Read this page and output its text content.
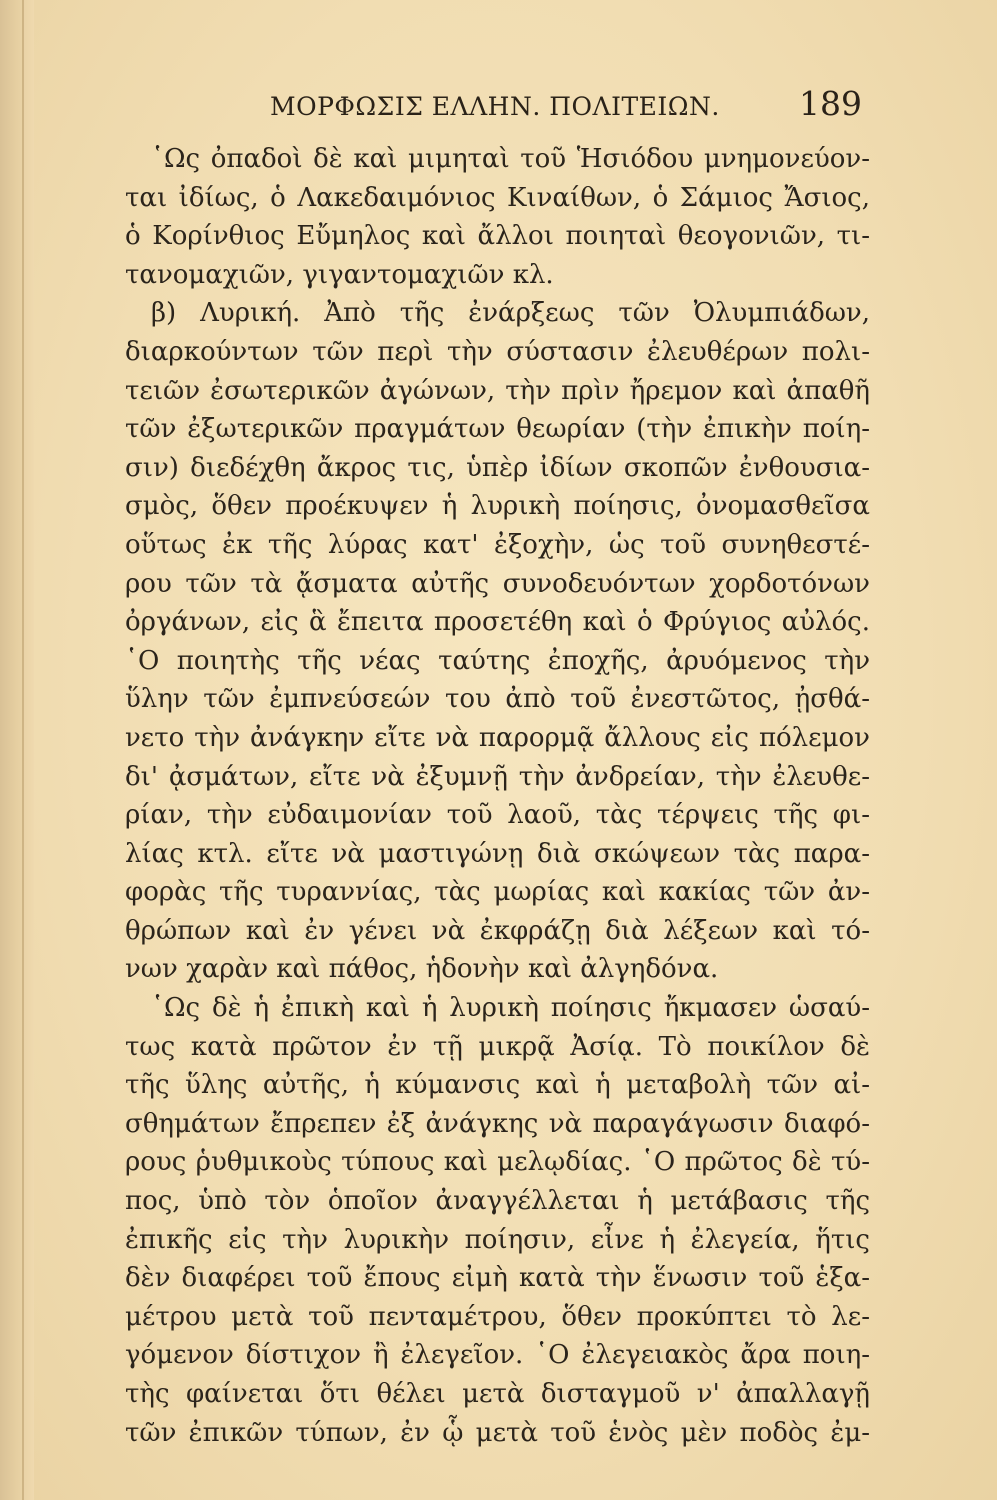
ΜΟΡΦΩΣΙΣ ΕΛΛΗΝ. ΠΟΛΙΤΕΙΩΝ. 189
῾Ως ὀπαδοὶ δὲ καὶ μιμηταὶ τοῦ Ἡσιόδου μνημονεύον-
ται ἰδίως, ὁ Λακεδαιμόνιος Κιναίθων, ὁ Σάμιος Ἄσιος,
ὁ Κορίνθιος Εὔμηλος καὶ ἄλλοι ποιηταὶ θεογονιῶν, τι-
τανομαχιῶν, γιγαντομαχιῶν κλ.
β) Λυρική. Ἀπὸ τῆς ἐνάρξεως τῶν Ὀλυμπιάδων,
διαρκούντων τῶν περὶ τὴν σύστασιν ἐλευθέρων πολι-
τειῶν ἐσωτερικῶν ἀγώνων, τὴν πρὶν ἤρεμον καὶ ἀπαθῆ
τῶν ἐξωτερικῶν πραγμάτων θεωρίαν (τὴν ἐπικὴν ποίη-
σιν) διεδέχθη ἄκρος τις, ὑπὲρ ἰδίων σκοπῶν ἐνθουσια-
σμὸς, ὅθεν προέκυψεν ἡ λυρικὴ ποίησις, ὀνομασθεῖσα
οὕτως ἐκ τῆς λύρας κατ' ἐξοχὴν, ὡς τοῦ συνηθεστέ-
ρου τῶν τὰ ᾄσματα αὐτῆς συνοδευόντων χορδοτόνων
ὀργάνων, εἰς ἃ ἔπειτα προσετέθη καὶ ὁ Φρύγιος αὐλός.
῾Ο ποιητὴς τῆς νέας ταύτης ἐποχῆς, ἀρυόμενος τὴν
ὕλην τῶν ἐμπνεύσεών του ἀπὸ τοῦ ἐνεστῶτος, ᾐσθά-
νετο τὴν ἀνάγκην εἴτε νὰ παρορμᾷ ἄλλους εἰς πόλεμον
δι' ᾀσμάτων, εἴτε νὰ ἐξυμνῇ τὴν ἀνδρείαν, τὴν ἐλευθε-
ρίαν, τὴν εὐδαιμονίαν τοῦ λαοῦ, τὰς τέρψεις τῆς φι-
λίας κτλ. εἴτε νὰ μαστιγώνῃ διὰ σκώψεων τὰς παρα-
φορὰς τῆς τυραννίας, τὰς μωρίας καὶ κακίας τῶν ἀν-
θρώπων καὶ ἐν γένει νὰ ἐκφράζῃ διὰ λέξεων καὶ τό-
νων χαρὰν καὶ πάθος, ἡδονὴν καὶ ἀλγηδόνα.
῾Ως δὲ ἡ ἐπικὴ καὶ ἡ λυρικὴ ποίησις ἤκμασεν ὡσαύ-
τως κατὰ πρῶτον ἐν τῇ μικρᾷ Ἀσίᾳ. Τὸ ποικίλον δὲ
τῆς ὕλης αὐτῆς, ἡ κύμανσις καὶ ἡ μεταβολὴ τῶν αἰ-
σθημάτων ἔπρεπεν ἐξ ἀνάγκης νὰ παραγάγωσιν διαφό-
ρους ῥυθμικοὺς τύπους καὶ μελῳδίας. ῾Ο πρῶτος δὲ τύ-
πος, ὑπὸ τὸν ὁποῖον ἀναγγέλλεται ἡ μετάβασις τῆς
ἐπικῆς εἰς τὴν λυρικὴν ποίησιν, εἶνε ἡ ἐλεγεία, ἥτις
δὲν διαφέρει τοῦ ἔπους εἰμὴ κατὰ τὴν ἕνωσιν τοῦ ἑξα-
μέτρου μετὰ τοῦ πενταμέτρου, ὅθεν προκύπτει τὸ λε-
γόμενον δίστιχον ἢ ἐλεγεῖον. ῾Ο ἐλεγειακὸς ἄρα ποιη-
τὴς φαίνεται ὅτι θέλει μετὰ δισταγμοῦ ν' ἀπαλλαγῇ
τῶν ἐπικῶν τύπων, ἐν ᾧ μετὰ τοῦ ἑνὸς μὲν ποδὸς ἐμ-
